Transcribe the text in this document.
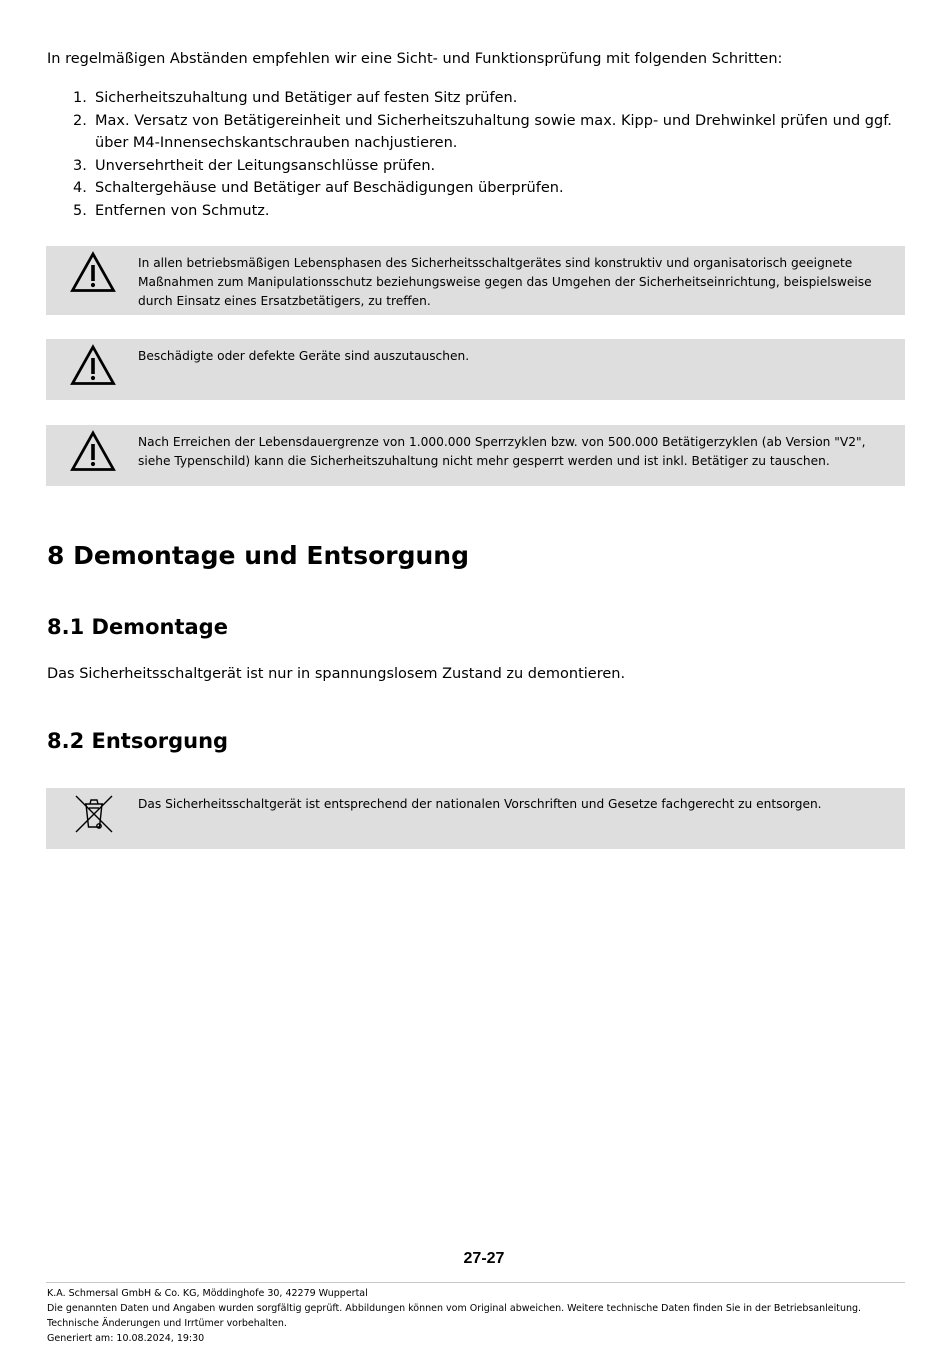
In regelmäßigen Abständen empfehlen wir eine Sicht- und Funktionsprüfung mit folgenden Schritten:
1. Sicherheitszuhaltung und Betätiger auf festen Sitz prüfen.
2. Max. Versatz von Betätigereinheit und Sicherheitszuhaltung sowie max. Kipp- und Drehwinkel prüfen und ggf.
über M4-Innensechskantschrauben nachjustieren.
3. Unversehrtheit der Leitungsanschlüsse prüfen.
4. Schaltergehäuse und Betätiger auf Beschädigungen überprüfen.
5. Entfernen von Schmutz.
In allen betriebsmäßigen Lebensphasen des Sicherheitsschaltgerätes sind konstruktiv und organisatorisch geeignete
Maßnahmen zum Manipulationsschutz beziehungsweise gegen das Umgehen der Sicherheitseinrichtung, beispielsweise
durch Einsatz eines Ersatzbetätigers, zu treffen.
Beschädigte oder defekte Geräte sind auszutauschen.
Nach Erreichen der Lebensdauergrenze von 1.000.000 Sperrzyklen bzw. von 500.000 Betätigerzyklen (ab Version "V2",
siehe Typenschild) kann die Sicherheitszuhaltung nicht mehr gesperrt werden und ist inkl. Betätiger zu tauschen.
8 Demontage und Entsorgung
8.1 Demontage
Das Sicherheitsschaltgerät ist nur in spannungslosem Zustand zu demontieren.
8.2 Entsorgung
Das Sicherheitsschaltgerät ist entsprechend der nationalen Vorschriften und Gesetze fachgerecht zu entsorgen.
27-27
K.A. Schmersal GmbH & Co. KG, Möddinghofe 30, 42279 Wuppertal
Die genannten Daten und Angaben wurden sorgfältig geprüft. Abbildungen können vom Original abweichen. Weitere technische Daten finden Sie in der Betriebsanleitung.
Technische Änderungen und Irrtümer vorbehalten.
Generiert am: 10.08.2024, 19:30
